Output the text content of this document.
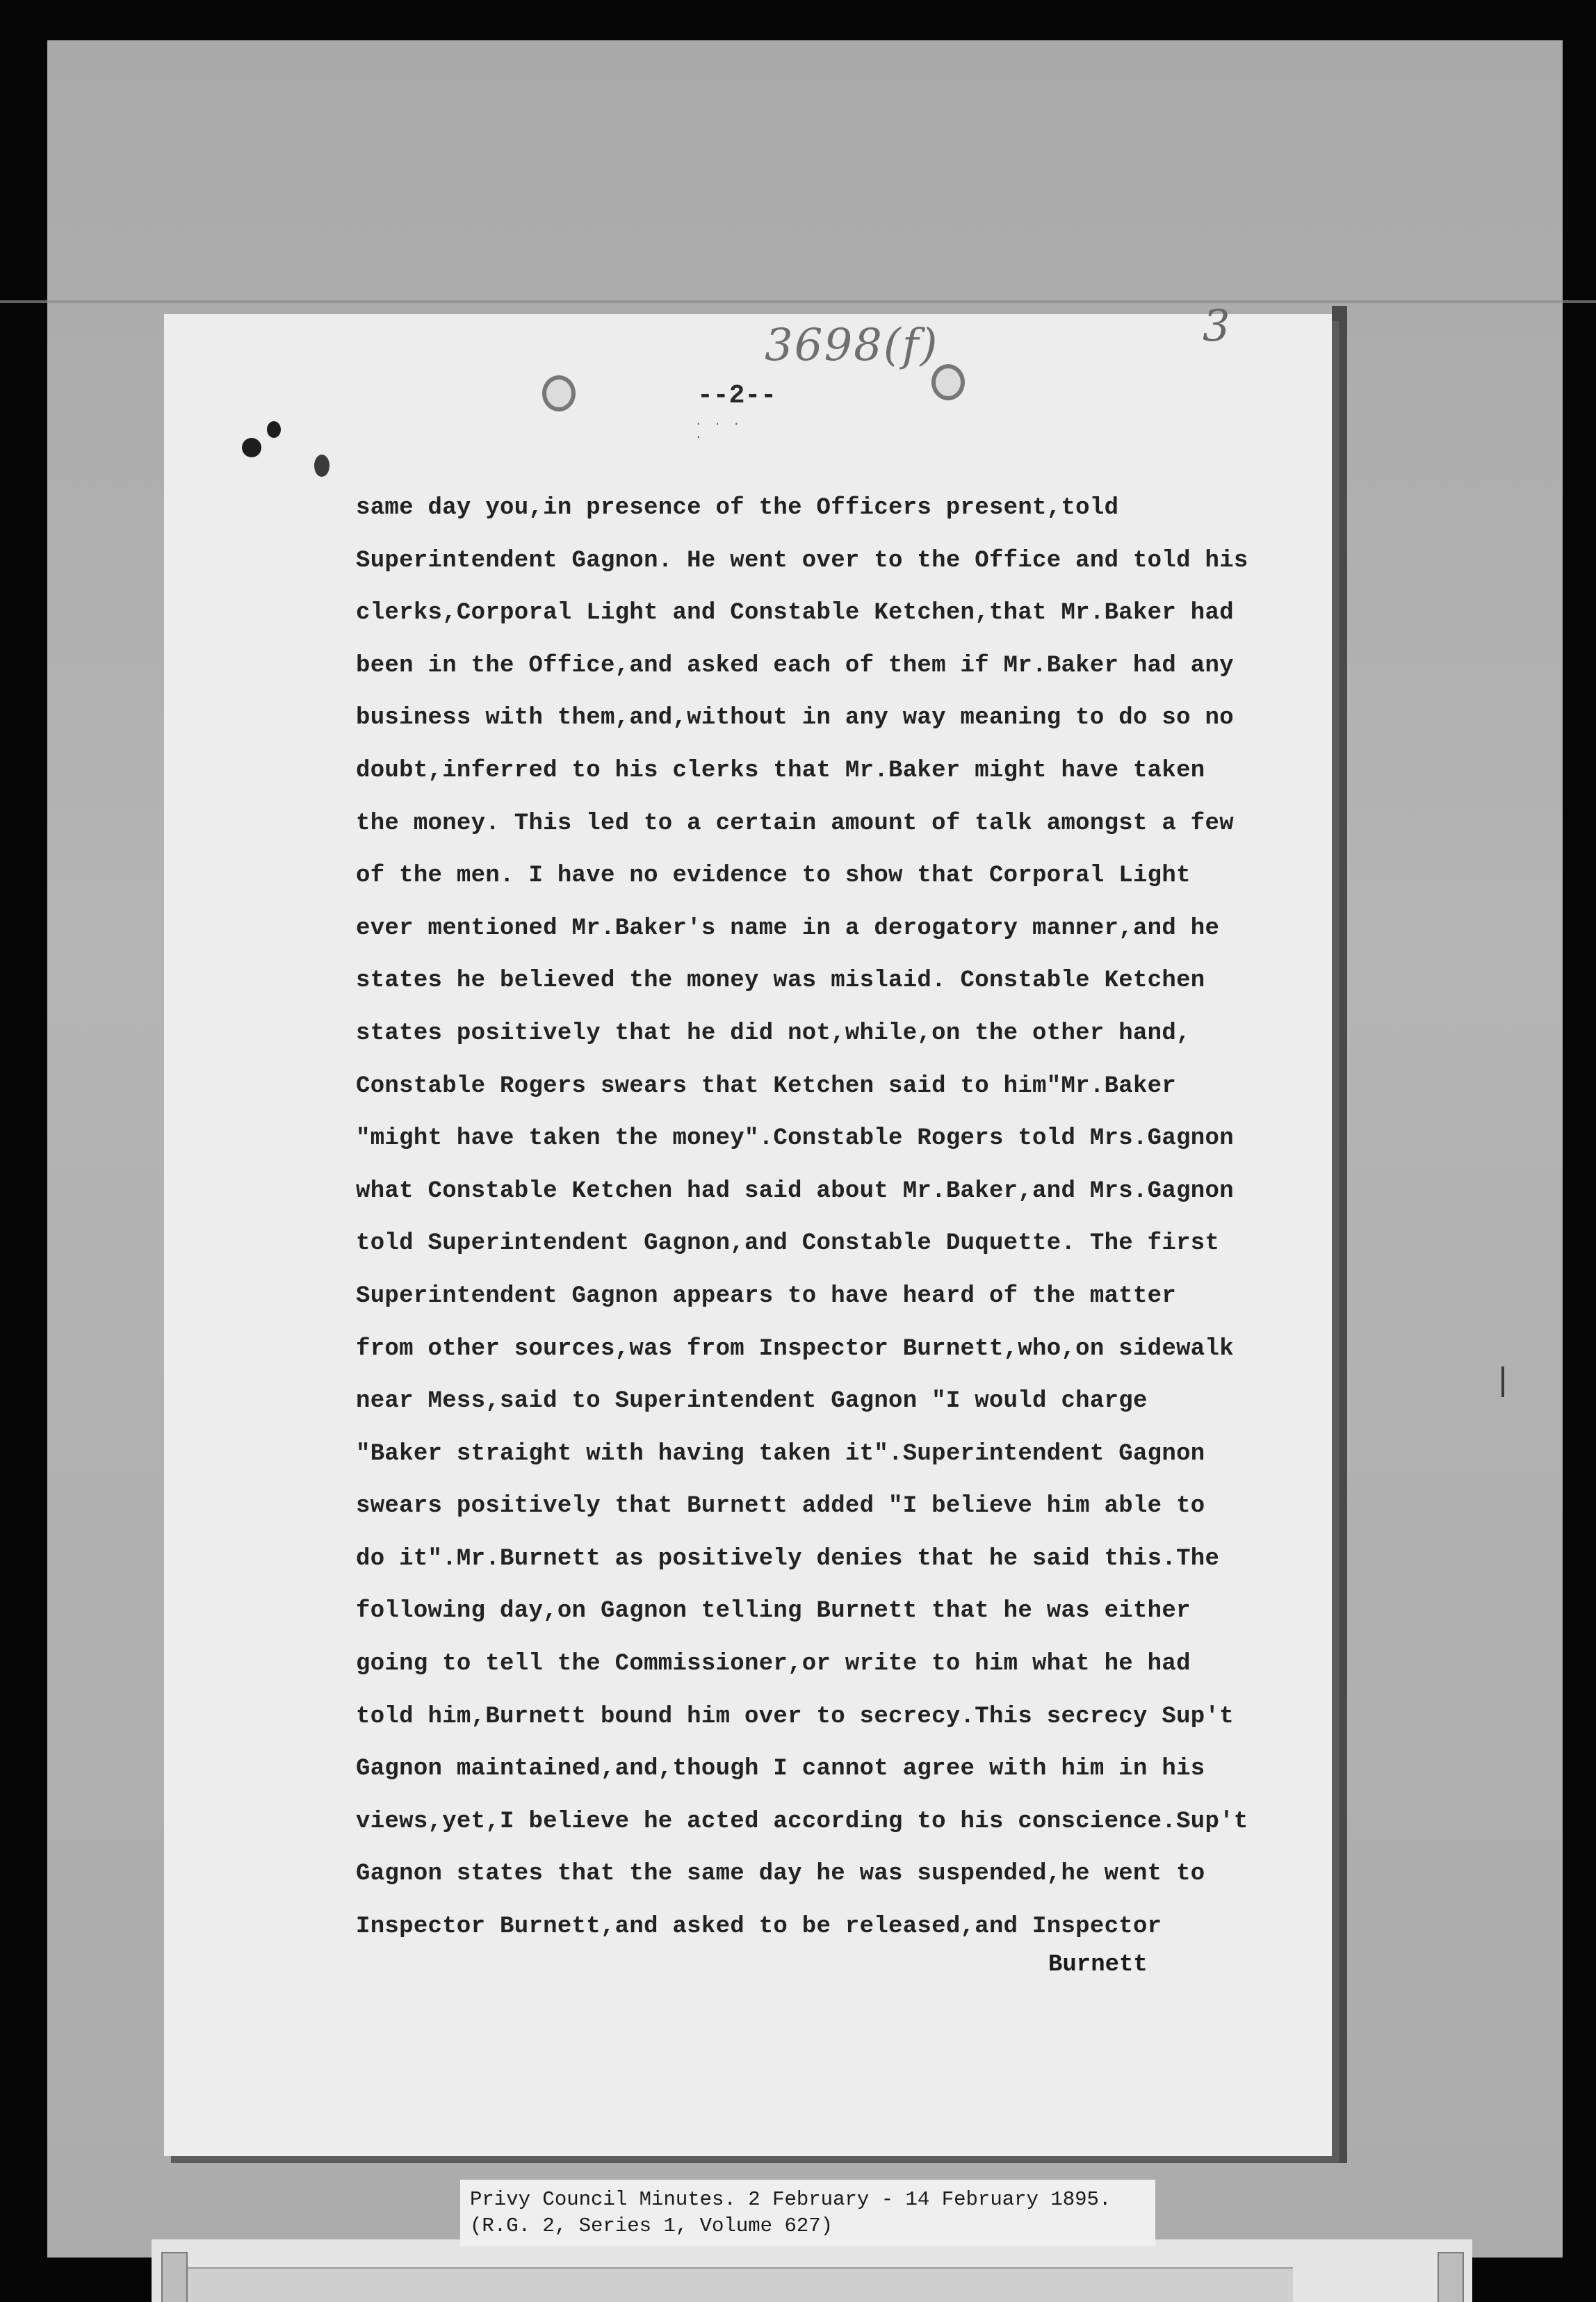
3698(f)	3
--2--
. . . .
same day you,in presence of the Officers present,told
Superintendent Gagnon. He went over to the Office and told his
clerks,Corporal Light and Constable Ketchen,that Mr.Baker had
been in the Office,and asked each of them if Mr.Baker had any
business with them,and,without in any way meaning to do so no
doubt,inferred to his clerks that Mr.Baker might have taken
the money. This led to a certain amount of talk amongst a few
of the men. I have no evidence to show that Corporal Light
ever mentioned Mr.Baker's name in a derogatory manner,and he
states he believed the money was mislaid. Constable Ketchen
states positively that he did not,while,on the other hand,
Constable Rogers swears that Ketchen said to him"Mr.Baker
"might have taken the money".Constable Rogers told Mrs.Gagnon
what Constable Ketchen had said about Mr.Baker,and Mrs.Gagnon
told Superintendent Gagnon,and Constable Duquette. The first
Superintendent Gagnon appears to have heard of the matter
from other sources,was from Inspector Burnett,who,on sidewalk
near Mess,said to Superintendent Gagnon "I would charge
"Baker straight with having taken it".Superintendent Gagnon
swears positively that Burnett added "I believe him able to
do it".Mr.Burnett as positively denies that he said this.The
following day,on Gagnon telling Burnett that he was either
going to tell the Commissioner,or write to him what he had
told him,Burnett bound him over to secrecy.This secrecy Sup't
Gagnon maintained,and,though I cannot agree with him in his
views,yet,I believe he acted according to his conscience.Sup't
Gagnon states that the same day he was suspended,he went to
Inspector Burnett,and asked to be released,and Inspector
Burnett
Privy Council Minutes. 2 February - 14 February 1895.
(R.G. 2, Series 1, Volume 627)
